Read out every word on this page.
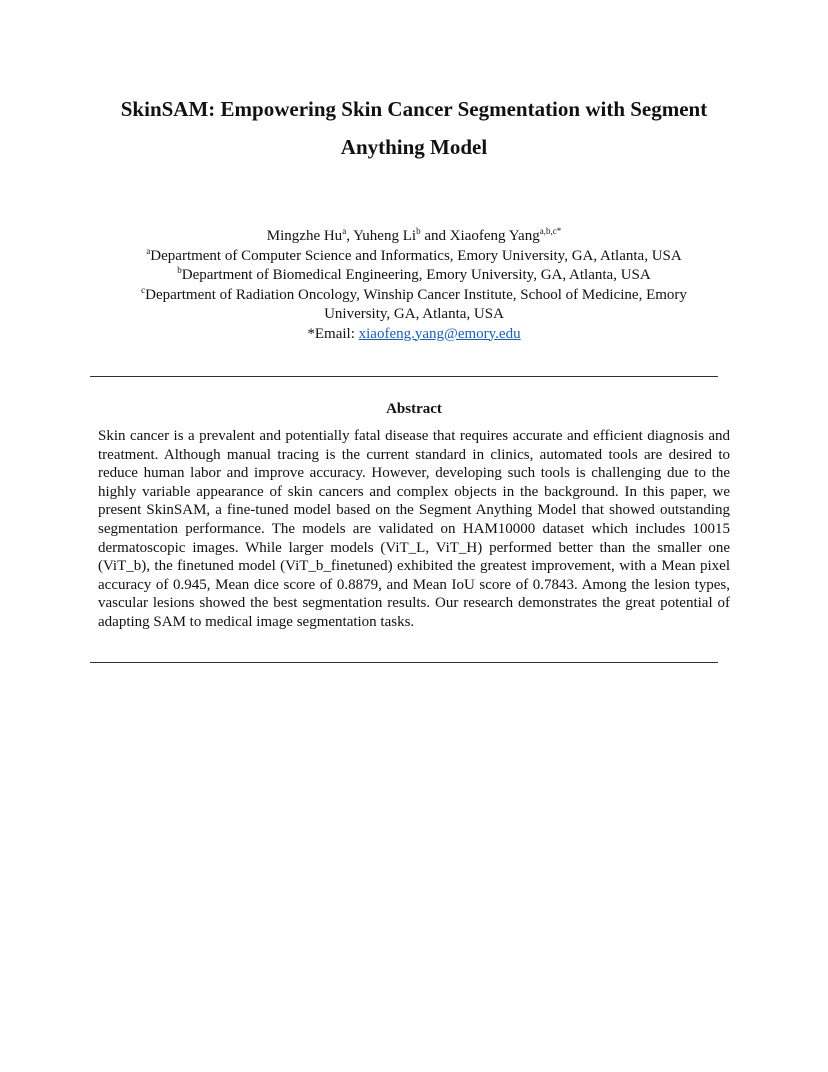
SkinSAM: Empowering Skin Cancer Segmentation with Segment
Anything Model
Mingzhe Hu$^a$, Yuheng Li$^b$ and Xiaofeng Yang$^{a,b,c*}$
$^a$Department of Computer Science and Informatics, Emory University, GA, Atlanta, USA
$^b$Department of Biomedical Engineering, Emory University, GA, Atlanta, USA
$^c$Department of Radiation Oncology, Winship Cancer Institute, School of Medicine, Emory
University, GA, Atlanta, USA
*Email: xiaofeng.yang@emory.edu
Abstract

Skin cancer is a prevalent and potentially fatal disease that requires accurate and efficient diagnosis and treatment. Although manual tracing is the current standard in clinics, automated tools are desired to reduce human labor and improve accuracy. However, developing such tools is challenging due to the highly variable appearance of skin cancers and complex objects in the background. In this paper, we present SkinSAM, a fine-tuned model based on the Segment Anything Model that showed outstanding segmentation performance. The models are validated on HAM10000 dataset which includes 10015 dermatoscopic images. While larger models (ViT_L, ViT_H) performed better than the smaller one (ViT_b), the finetuned model (ViT_b_finetuned) exhibited the greatest improvement, with a Mean pixel accuracy of 0.945, Mean dice score of 0.8879, and Mean IoU score of 0.7843. Among the lesion types, vascular lesions showed the best segmentation results. Our research demonstrates the great potential of adapting SAM to medical image segmentation tasks.
